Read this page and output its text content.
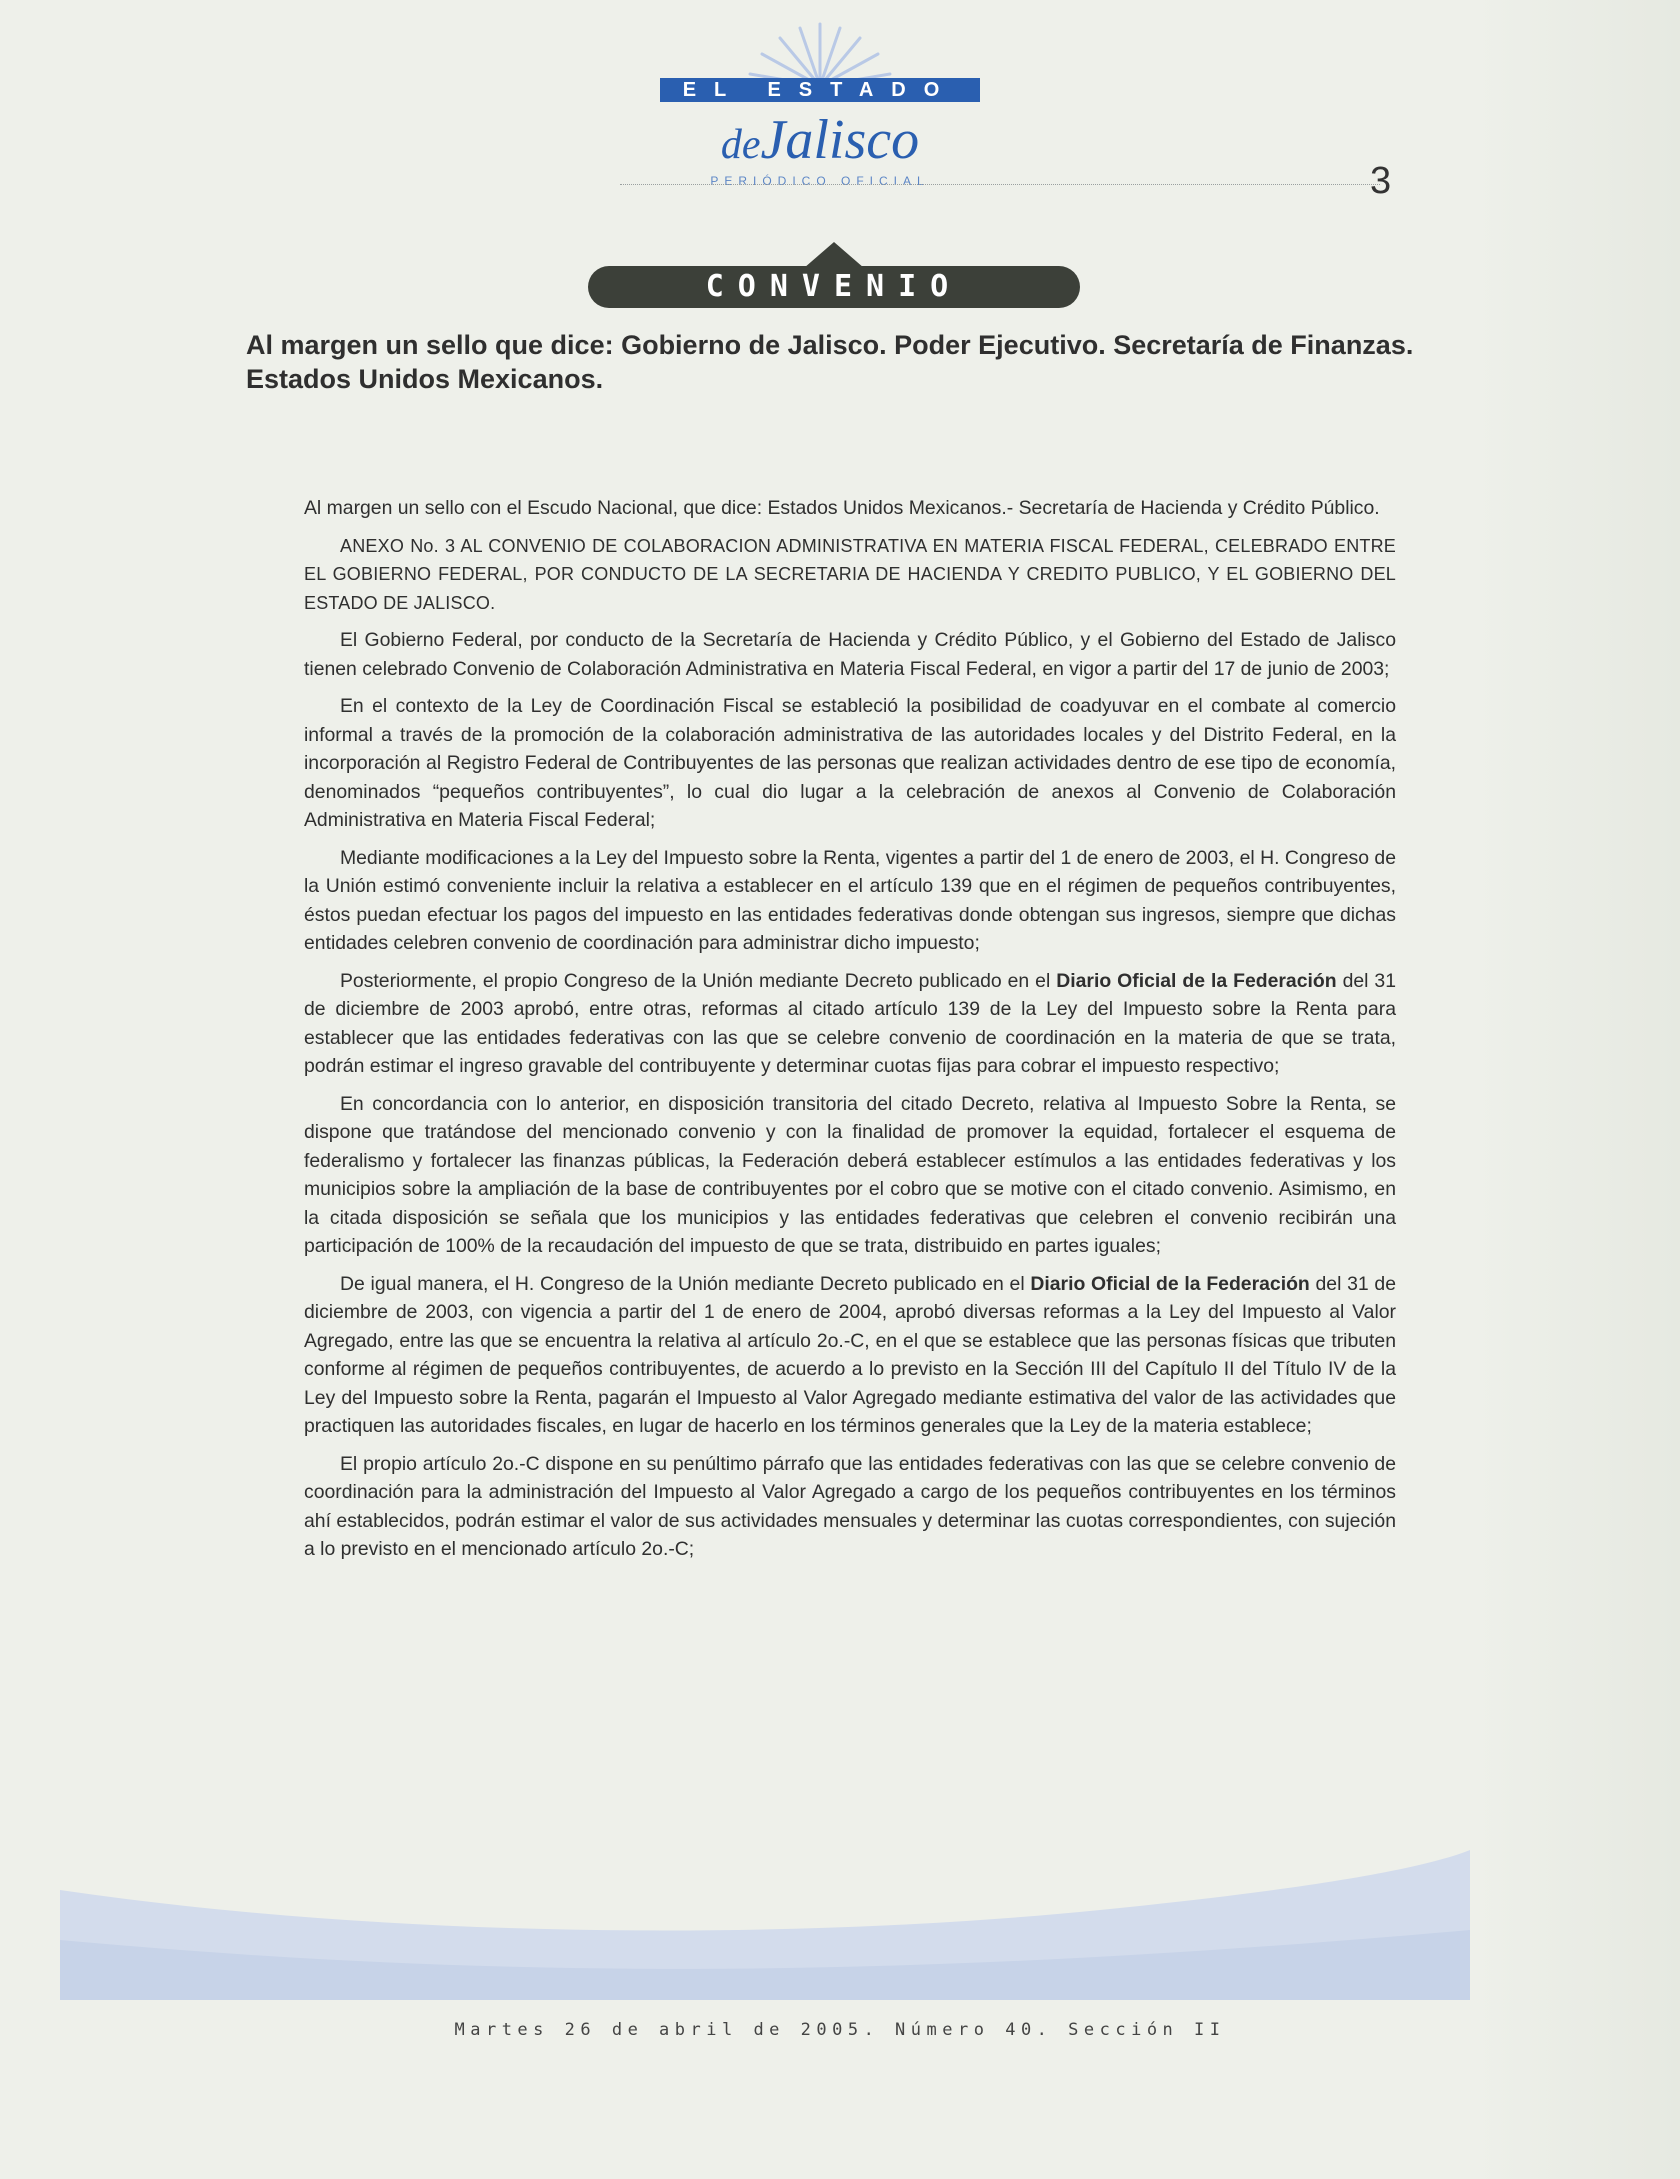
EL ESTADO
deJalisco
PERIÓDICO OFICIAL	3
CONVENIO
Al margen un sello que dice: Gobierno de Jalisco. Poder Ejecutivo. Secretaría de Finanzas. Estados Unidos Mexicanos.

Al margen un sello con el Escudo Nacional, que dice: Estados Unidos Mexicanos.- Secretaría de Hacienda y Crédito Público.

ANEXO No. 3 AL CONVENIO DE COLABORACION ADMINISTRATIVA EN MATERIA FISCAL FEDERAL, CELEBRADO ENTRE EL GOBIERNO FEDERAL, POR CONDUCTO DE LA SECRETARIA DE HACIENDA Y CREDITO PUBLICO, Y EL GOBIERNO DEL ESTADO DE JALISCO.

El Gobierno Federal, por conducto de la Secretaría de Hacienda y Crédito Público, y el Gobierno del Estado de Jalisco tienen celebrado Convenio de Colaboración Administrativa en Materia Fiscal Federal, en vigor a partir del 17 de junio de 2003;

En el contexto de la Ley de Coordinación Fiscal se estableció la posibilidad de coadyuvar en el combate al comercio informal a través de la promoción de la colaboración administrativa de las autoridades locales y del Distrito Federal, en la incorporación al Registro Federal de Contribuyentes de las personas que realizan actividades dentro de ese tipo de economía, denominados “pequeños contribuyentes”, lo cual dio lugar a la celebración de anexos al Convenio de Colaboración Administrativa en Materia Fiscal Federal;

Mediante modificaciones a la Ley del Impuesto sobre la Renta, vigentes a partir del 1 de enero de 2003, el H. Congreso de la Unión estimó conveniente incluir la relativa a establecer en el artículo 139 que en el régimen de pequeños contribuyentes, éstos puedan efectuar los pagos del impuesto en las entidades federativas donde obtengan sus ingresos, siempre que dichas entidades celebren convenio de coordinación para administrar dicho impuesto;

Posteriormente, el propio Congreso de la Unión mediante Decreto publicado en el Diario Oficial de la Federación del 31 de diciembre de 2003 aprobó, entre otras, reformas al citado artículo 139 de la Ley del Impuesto sobre la Renta para establecer que las entidades federativas con las que se celebre convenio de coordinación en la materia de que se trata, podrán estimar el ingreso gravable del contribuyente y determinar cuotas fijas para cobrar el impuesto respectivo;

En concordancia con lo anterior, en disposición transitoria del citado Decreto, relativa al Impuesto Sobre la Renta, se dispone que tratándose del mencionado convenio y con la finalidad de promover la equidad, fortalecer el esquema de federalismo y fortalecer las finanzas públicas, la Federación deberá establecer estímulos a las entidades federativas y los municipios sobre la ampliación de la base de contribuyentes por el cobro que se motive con el citado convenio. Asimismo, en la citada disposición se señala que los municipios y las entidades federativas que celebren el convenio recibirán una participación de 100% de la recaudación del impuesto de que se trata, distribuido en partes iguales;

De igual manera, el H. Congreso de la Unión mediante Decreto publicado en el Diario Oficial de la Federación del 31 de diciembre de 2003, con vigencia a partir del 1 de enero de 2004, aprobó diversas reformas a la Ley del Impuesto al Valor Agregado, entre las que se encuentra la relativa al artículo 2o.-C, en el que se establece que las personas físicas que tributen conforme al régimen de pequeños contribuyentes, de acuerdo a lo previsto en la Sección III del Capítulo II del Título IV de la Ley del Impuesto sobre la Renta, pagarán el Impuesto al Valor Agregado mediante estimativa del valor de las actividades que practiquen las autoridades fiscales, en lugar de hacerlo en los términos generales que la Ley de la materia establece;

El propio artículo 2o.-C dispone en su penúltimo párrafo que las entidades federativas con las que se celebre convenio de coordinación para la administración del Impuesto al Valor Agregado a cargo de los pequeños contribuyentes en los términos ahí establecidos, podrán estimar el valor de sus actividades mensuales y determinar las cuotas correspondientes, con sujeción a lo previsto en el mencionado artículo 2o.-C;

Martes 26 de abril de 2005. Número 40. Sección II
